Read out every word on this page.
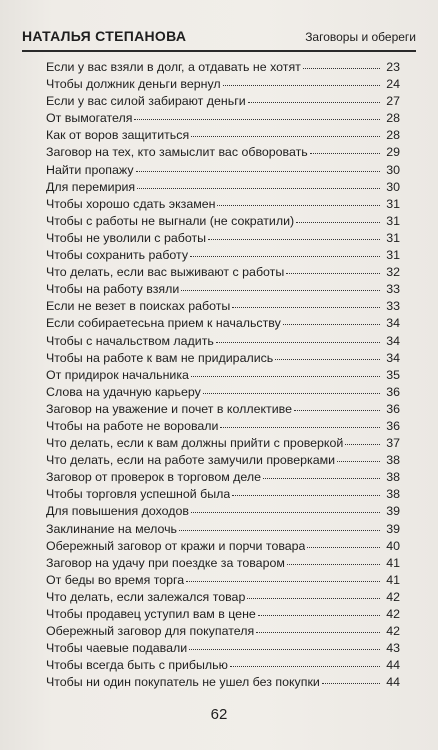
НАТАЛЬЯ СТЕПАНОВА	Заговоры и обереги
Если у вас взяли в долг, а отдавать не хотят	23
Чтобы должник деньги вернул	24
Если у вас силой забирают деньги	27
От вымогателя	28
Как от воров защититься	28
Заговор на тех, кто замыслит вас обворовать	29
Найти пропажу	30
Для перемирия	30
Чтобы хорошо сдать экзамен	31
Чтобы с работы не выгнали (не сократили)	31
Чтобы не уволили с работы	31
Чтобы сохранить работу	31
Что делать, если вас выживают с работы	32
Чтобы на работу взяли	33
Если не везет в поисках работы	33
Если собираетесьна прием к начальству	34
Чтобы с начальством ладить	34
Чтобы на работе к вам не придирались	34
От придирок начальника	35
Слова на удачную карьеру	36
Заговор на уважение и почет в коллективе	36
Чтобы на работе не воровали	36
Что делать, если к вам должны прийти с проверкой	37
Что делать, если на работе замучили проверками	38
Заговор от проверок в торговом деле	38
Чтобы торговля успешной была	38
Для повышения доходов	39
Заклинание на мелочь	39
Обережный заговор от кражи и порчи товара	40
Заговор на удачу при поездке за товаром	41
От беды во время торга	41
Что делать, если залежался товар	42
Чтобы продавец уступил вам в цене	42
Обережный заговор для покупателя	42
Чтобы чаевые подавали	43
Чтобы всегда быть с прибылью	44
Чтобы ни один покупатель не ушел без покупки	44
62
